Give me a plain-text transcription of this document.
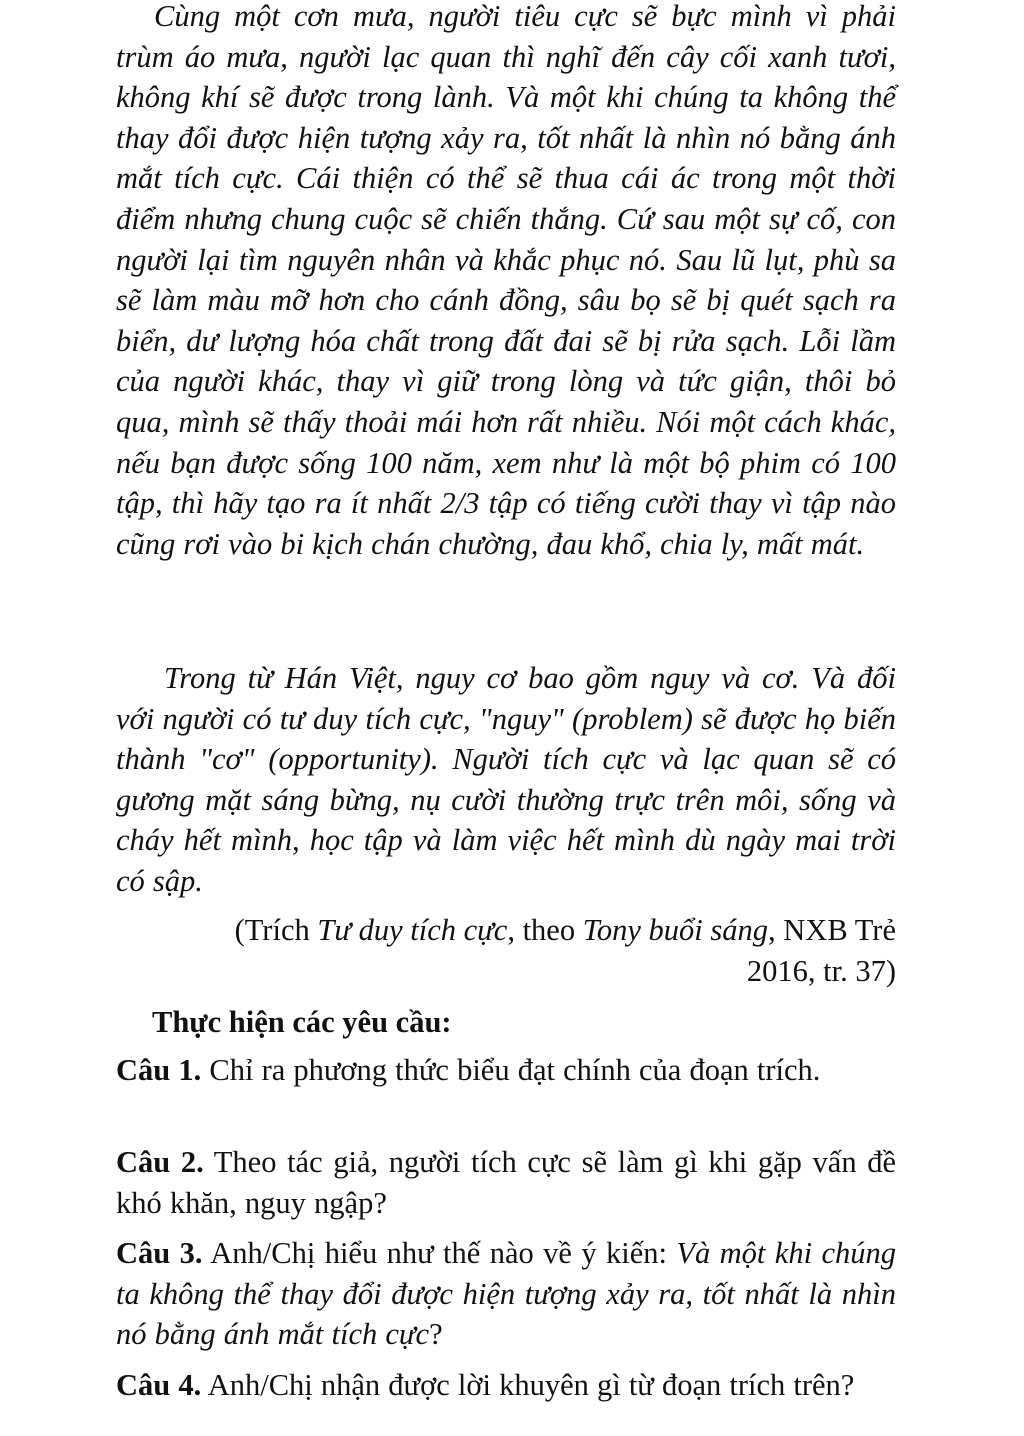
Cùng một cơn mưa, người tiêu cực sẽ bực mình vì phải trùm áo mưa, người lạc quan thì nghĩ đến cây cối xanh tươi, không khí sẽ được trong lành. Và một khi chúng ta không thể thay đổi được hiện tượng xảy ra, tốt nhất là nhìn nó bằng ánh mắt tích cực. Cái thiện có thể sẽ thua cái ác trong một thời điểm nhưng chung cuộc sẽ chiến thắng. Cứ sau một sự cố, con người lại tìm nguyên nhân và khắc phục nó. Sau lũ lụt, phù sa sẽ làm màu mỡ hơn cho cánh đồng, sâu bọ sẽ bị quét sạch ra biển, dư lượng hóa chất trong đất đai sẽ bị rửa sạch. Lỗi lầm của người khác, thay vì giữ trong lòng và tức giận, thôi bỏ qua, mình sẽ thấy thoải mái hơn rất nhiều. Nói một cách khác, nếu bạn được sống 100 năm, xem như là một bộ phim có 100 tập, thì hãy tạo ra ít nhất 2/3 tập có tiếng cười thay vì tập nào cũng rơi vào bi kịch chán chường, đau khổ, chia ly, mất mát.

Trong từ Hán Việt, nguy cơ bao gồm nguy và cơ. Và đối với người có tư duy tích cực, "nguy" (problem) sẽ được họ biến thành "cơ" (opportunity). Người tích cực và lạc quan sẽ có gương mặt sáng bừng, nụ cười thường trực trên môi, sống và cháy hết mình, học tập và làm việc hết mình dù ngày mai trời có sập.

(Trích Tư duy tích cực, theo Tony buổi sáng, NXB Trẻ
2016, tr. 37)
Thực hiện các yêu cầu:

Câu 1. Chỉ ra phương thức biểu đạt chính của đoạn trích.

Câu 2. Theo tác giả, người tích cực sẽ làm gì khi gặp vấn đề khó khăn, nguy ngập?

Câu 3. Anh/Chị hiểu như thế nào về ý kiến: Và một khi chúng ta không thể thay đổi được hiện tượng xảy ra, tốt nhất là nhìn nó bằng ánh mắt tích cực?

Câu 4. Anh/Chị nhận được lời khuyên gì từ đoạn trích trên?
